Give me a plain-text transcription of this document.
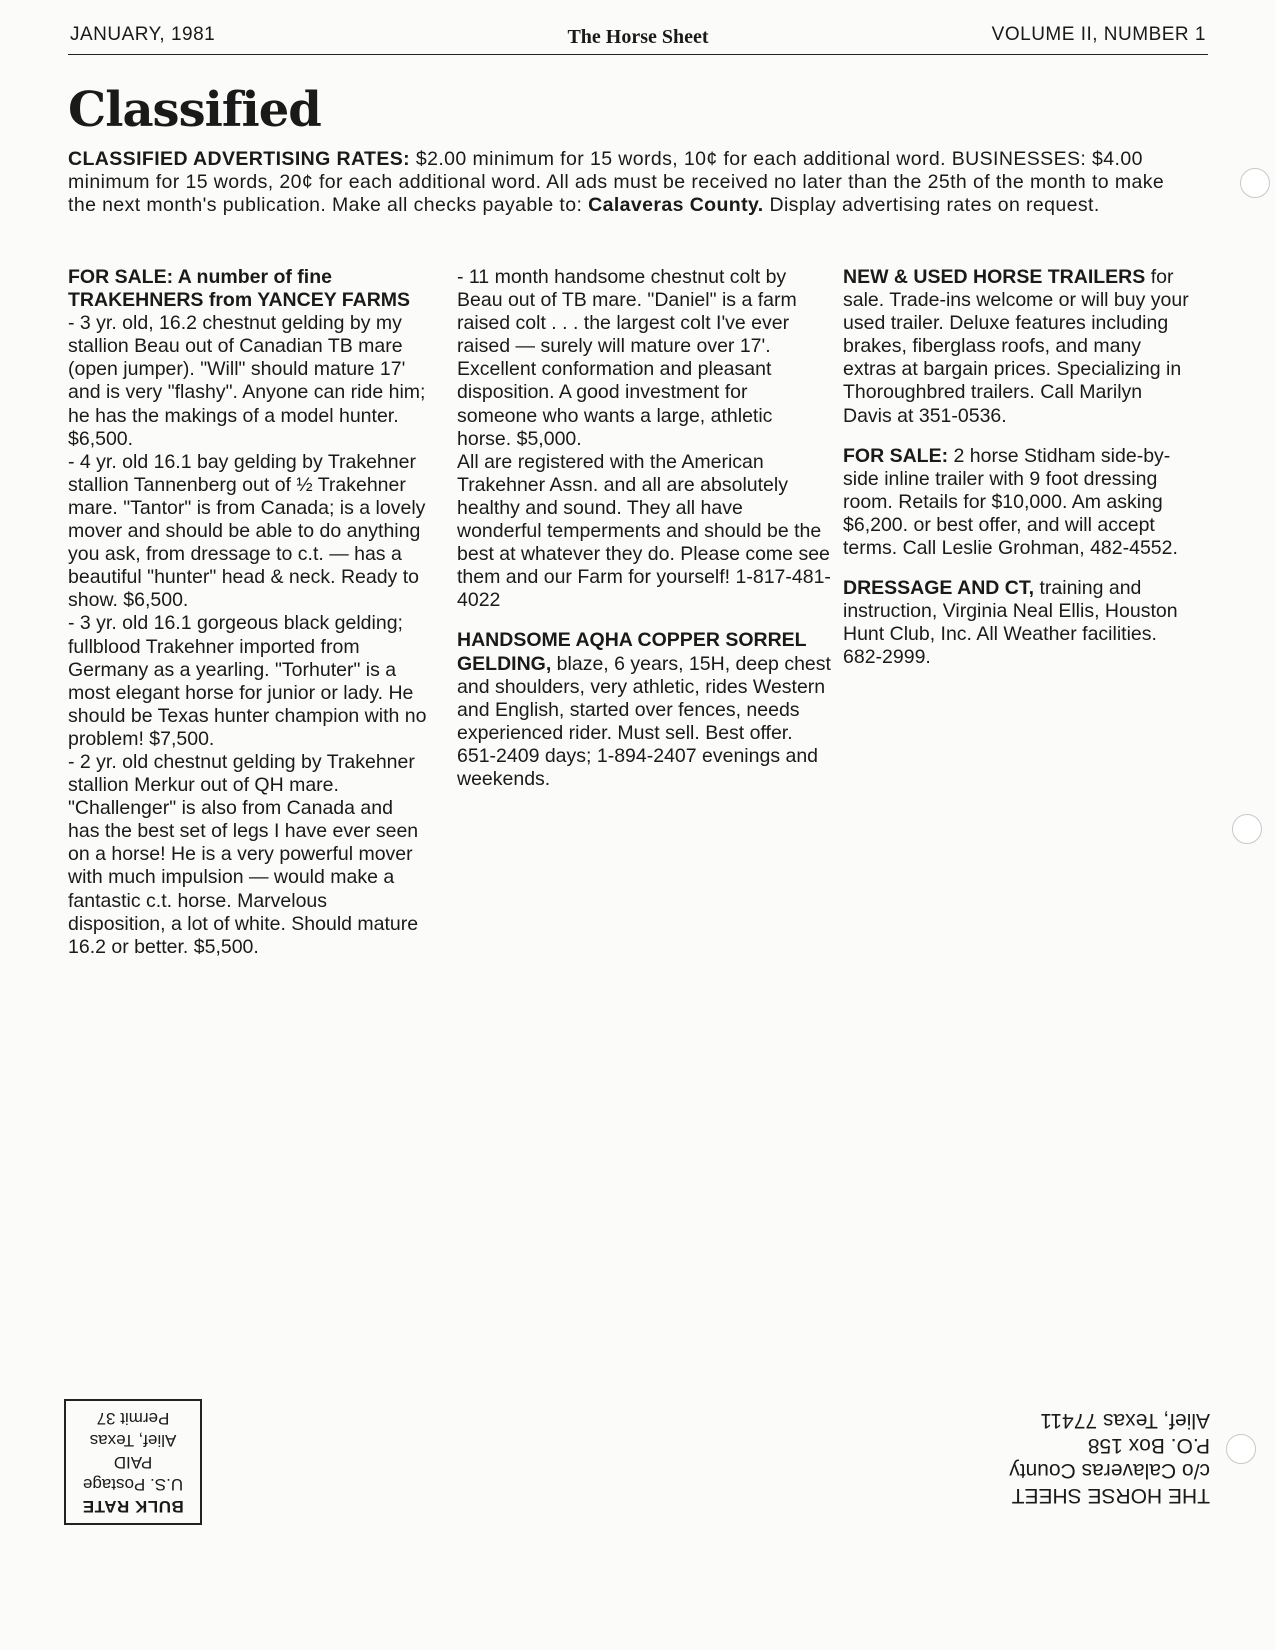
JANUARY, 1981	The Horse Sheet	VOLUME II, NUMBER 1
Classified
CLASSIFIED ADVERTISING RATES: $2.00 minimum for 15 words, 10¢ for each additional word. BUSINESSES: $4.00 minimum for 15 words, 20¢ for each additional word. All ads must be received no later than the 25th of the month to make the next month's publication. Make all checks payable to: Calaveras County. Display advertising rates on request.

FOR SALE: A number of fine TRAKEHNERS from YANCEY FARMS

- 3 yr. old, 16.2 chestnut gelding by my stallion Beau out of Canadian TB mare (open jumper). "Will" should mature 17' and is very "flashy". Anyone can ride him; he has the makings of a model hunter. $6,500.

- 4 yr. old 16.1 bay gelding by Trakehner stallion Tannenberg out of ½ Trakehner mare. "Tantor" is from Canada; is a lovely mover and should be able to do anything you ask, from dressage to c.t. — has a beautiful "hunter" head & neck. Ready to show. $6,500.

- 3 yr. old 16.1 gorgeous black gelding; fullblood Trakehner imported from Germany as a yearling. "Torhuter" is a most elegant horse for junior or lady. He should be Texas hunter champion with no problem! $7,500.

- 2 yr. old chestnut gelding by Trakehner stallion Merkur out of QH mare. "Challenger" is also from Canada and has the best set of legs I have ever seen on a horse! He is a very powerful mover with much impulsion — would make a fantastic c.t. horse. Marvelous disposition, a lot of white. Should mature 16.2 or better. $5,500.

- 11 month handsome chestnut colt by Beau out of TB mare. "Daniel" is a farm raised colt . . . the largest colt I've ever raised — surely will mature over 17'. Excellent conformation and pleasant disposition. A good investment for someone who wants a large, athletic horse. $5,000.

All are registered with the American Trakehner Assn. and all are absolutely healthy and sound. They all have wonderful temperments and should be the best at whatever they do. Please come see them and our Farm for yourself! 1-817-481-4022

HANDSOME AQHA COPPER SORREL GELDING, blaze, 6 years, 15H, deep chest and shoulders, very athletic, rides Western and English, started over fences, needs experienced rider. Must sell. Best offer. 651-2409 days; 1-894-2407 evenings and weekends.

NEW & USED HORSE TRAILERS for sale. Trade-ins welcome or will buy your used trailer. Deluxe features including brakes, fiberglass roofs, and many extras at bargain prices. Specializing in Thoroughbred trailers. Call Marilyn Davis at 351-0536.

FOR SALE: 2 horse Stidham side-by-side inline trailer with 9 foot dressing room. Retails for $10,000. Am asking $6,200. or best offer, and will accept terms. Call Leslie Grohman, 482-4552.

DRESSAGE AND CT, training and instruction, Virginia Neal Ellis, Houston Hunt Club, Inc. All Weather facilities. 682-2999.

BULK RATE
U.S. Postage
PAID
Alief, Texas
Permit 37
THE HORSE SHEET
c/o Calaveras County
P.O. Box 158
Alief, Texas 77411
